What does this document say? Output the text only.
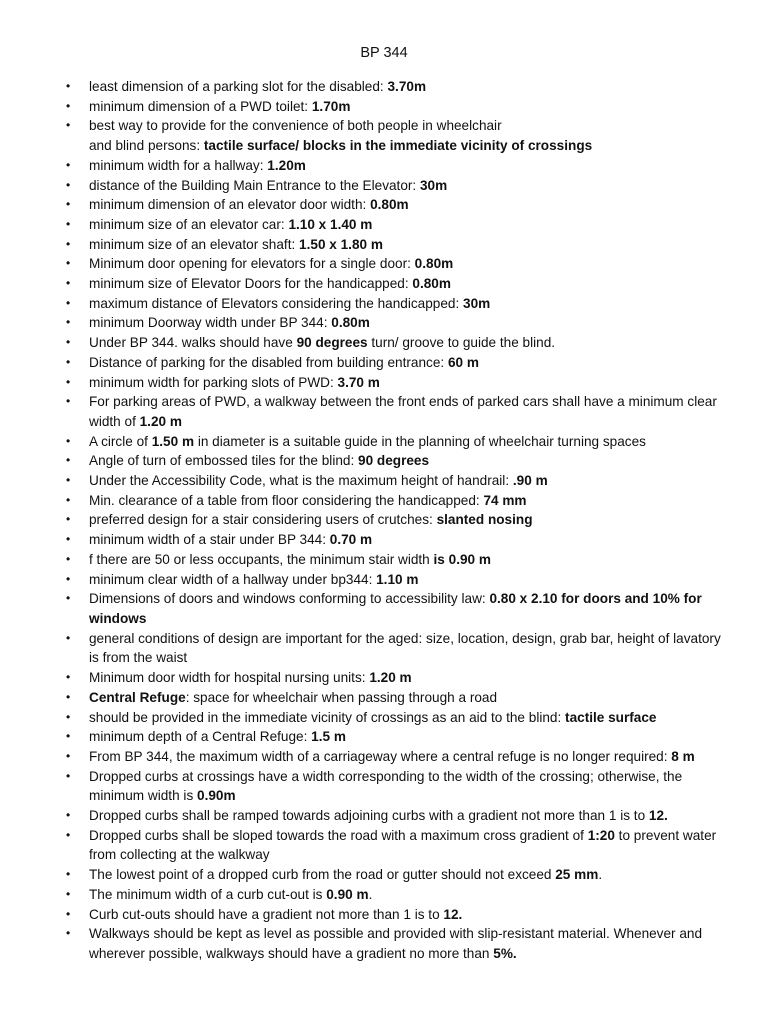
BP 344
• least dimension of a parking slot for the disabled: 3.70m
• minimum dimension of a PWD toilet: 1.70m
• best way to provide for the convenience of both people in wheelchair
and blind persons: tactile surface/ blocks in the immediate vicinity of crossings
• minimum width for a hallway: 1.20m
• distance of the Building Main Entrance to the Elevator: 30m
• minimum dimension of an elevator door width: 0.80m
• minimum size of an elevator car: 1.10 x 1.40 m
• minimum size of an elevator shaft: 1.50 x 1.80 m
• Minimum door opening for elevators for a single door: 0.80m
• minimum size of Elevator Doors for the handicapped: 0.80m
• maximum distance of Elevators considering the handicapped: 30m
• minimum Doorway width under BP 344: 0.80m
• Under BP 344. walks should have 90 degrees turn/ groove to guide the blind.
• Distance of parking for the disabled from building entrance: 60 m
• minimum width for parking slots of PWD: 3.70 m
• For parking areas of PWD, a walkway between the front ends of parked cars shall have a minimum clear width of 1.20 m
• A circle of 1.50 m in diameter is a suitable guide in the planning of wheelchair turning spaces
• Angle of turn of embossed tiles for the blind: 90 degrees
• Under the Accessibility Code, what is the maximum height of handrail: .90 m
• Min. clearance of a table from floor considering the handicapped: 74 mm
• preferred design for a stair considering users of crutches: slanted nosing
• minimum width of a stair under BP 344: 0.70 m
• f there are 50 or less occupants, the minimum stair width is 0.90 m
• minimum clear width of a hallway under bp344: 1.10 m
• Dimensions of doors and windows conforming to accessibility law: 0.80 x 2.10 for doors and 10% for windows
• general conditions of design are important for the aged: size, location, design, grab bar, height of lavatory is from the waist
• Minimum door width for hospital nursing units: 1.20 m
• Central Refuge: space for wheelchair when passing through a road
• should be provided in the immediate vicinity of crossings as an aid to the blind: tactile surface
• minimum depth of a Central Refuge: 1.5 m
• From BP 344, the maximum width of a carriageway where a central refuge is no longer required: 8 m
• Dropped curbs at crossings have a width corresponding to the width of the crossing; otherwise, the minimum width is 0.90m
• Dropped curbs shall be ramped towards adjoining curbs with a gradient not more than 1 is to 12.
• Dropped curbs shall be sloped towards the road with a maximum cross gradient of 1:20 to prevent water from collecting at the walkway
• The lowest point of a dropped curb from the road or gutter should not exceed 25 mm.
• The minimum width of a curb cut-out is 0.90 m.
• Curb cut-outs should have a gradient not more than 1 is to 12.
• Walkways should be kept as level as possible and provided with slip-resistant material. Whenever and wherever possible, walkways should have a gradient no more than 5%.
